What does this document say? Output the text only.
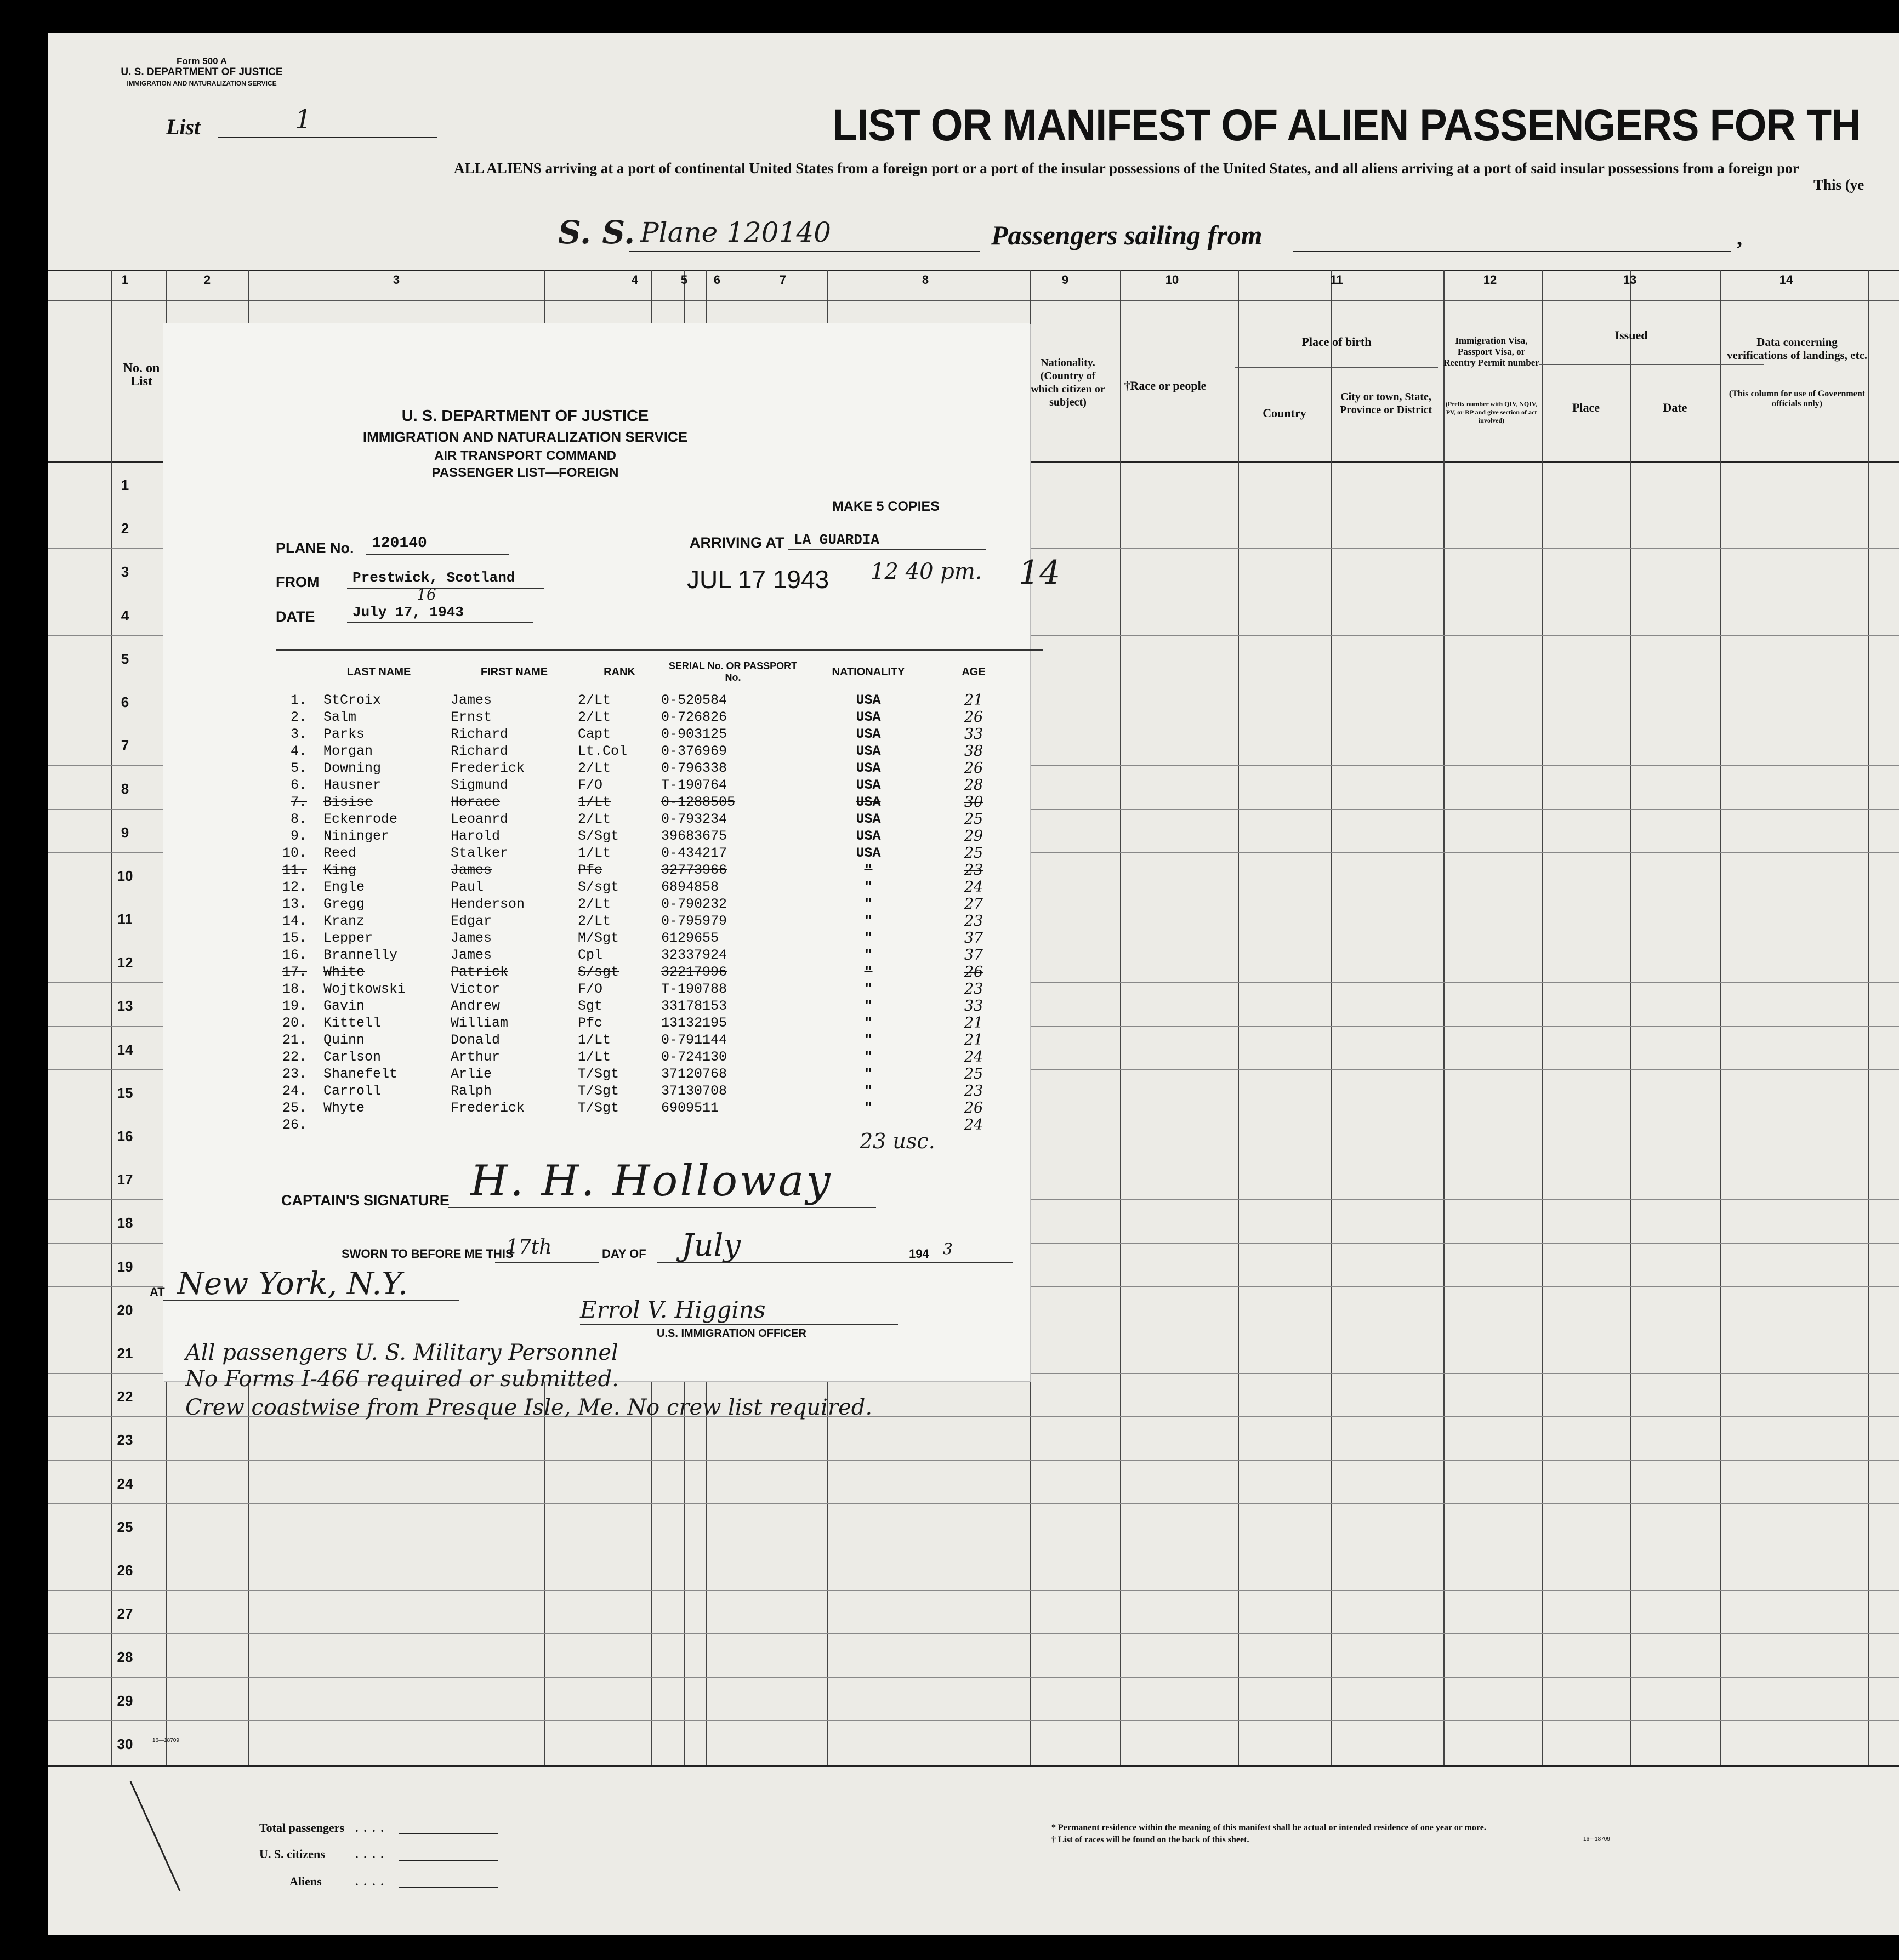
Form 500 A
U. S. DEPARTMENT OF JUSTICE
IMMIGRATION AND NATURALIZATION SERVICE
List	1	LIST OR MANIFEST OF ALIEN PASSENGERS FOR TH
ALL ALIENS arriving at a port of continental United States from a foreign port or a port of the insular possessions of the United States, and all aliens arriving at a port of said insular possessions from a foreign por
This (ye
S. S. Plane 120140	Passengers sailing from	,
1	2	3	4	5	6	7	8	9	10	11	12	13	14
No. on List
Nationality. (Country of which citizen or subject)
†Race or people
Place of birth
Country
City or town, State, Province or District
Immigration Visa, Passport Visa, or Reentry Permit number
(Prefix number with QIV, NQIV, PV, or RP and give section of act involved)
Issued
Place	Date
Data concerning verifications of landings, etc.
(This column for use of Government officials only)
1
2
3
4
5
6
7
8
9
10
11
12
13
14
15
16
17
18
19
20
21
22
23
24
25
26
27
28
29
30
U. S. DEPARTMENT OF JUSTICE
IMMIGRATION AND NATURALIZATION SERVICE
AIR TRANSPORT COMMAND
PASSENGER LIST—FOREIGN
MAKE 5 COPIES
PLANE No. 120140	ARRIVING AT LA GUARDIA
FROM Prestwick, Scotland	JUL 17 1943 12 40 pm. 14
DATE	July 17, 1943
16
	LAST NAME	FIRST NAME	RANK	SERIAL No. OR PASSPORT No.	NATIONALITY	AGE
1.	StCroix	James	2/Lt	0-520584	USA	21
2.	Salm	Ernst	2/Lt	0-726826	USA	26
3.	Parks	Richard	Capt	0-903125	USA	33
4.	Morgan	Richard	Lt.Col	0-376969	USA	38
5.	Downing	Frederick	2/Lt	0-796338	USA	26
6.	Hausner	Sigmund	F/O	T-190764	USA	28
7.	Bisise	Horace	1/Lt	0-1288505	USA	30
8.	Eckenrode	Leoanrd	2/Lt	0-793234	USA	25
9.	Nininger	Harold	S/Sgt	39683675	USA	29
10.	Reed	Stalker	1/Lt	0-434217	USA	25
11.	King	James	Pfc	32773966	"	23
12.	Engle	Paul	S/sgt	6894858	"	24
13.	Gregg	Henderson	2/Lt	0-790232	"	27
14.	Kranz	Edgar	2/Lt	0-795979	"	23
15.	Lepper	James	M/Sgt	6129655	"	37
16.	Brannelly	James	Cpl	32337924	"	37
17.	White	Patrick	S/sgt	32217996	"	26
18.	Wojtkowski	Victor	F/O	T-190788	"	23
19.	Gavin	Andrew	Sgt	33178153	"	33
20.	Kittell	William	Pfc	13132195	"	21
21.	Quinn	Donald	1/Lt	0-791144	"	21
22.	Carlson	Arthur	1/Lt	0-724130	"	24
23.	Shanefelt	Arlie	T/Sgt	37120768	"	25
24.	Carroll	Ralph	T/Sgt	37130708	"	23
25.	Whyte	Frederick	T/Sgt	6909511	"	26
26.						24
23 usc.
CAPTAIN'S SIGNATURE H. H. Holloway
SWORN TO BEFORE ME THIS
17th	DAY OF July	194 3
AT New York, N.Y.
Errol V. Higgins
U.S. IMMIGRATION OFFICER
All passengers U. S. Military Personnel
No Forms I-466 required or submitted.
Crew coastwise from Presque Isle, Me. No crew list required.
16—18709
Total passengers ....
U. S. citizens	....
Aliens	....
* Permanent residence within the meaning of this manifest shall be actual or intended residence of one year or more.
† List of races will be found on the back of this sheet.	16—18709
